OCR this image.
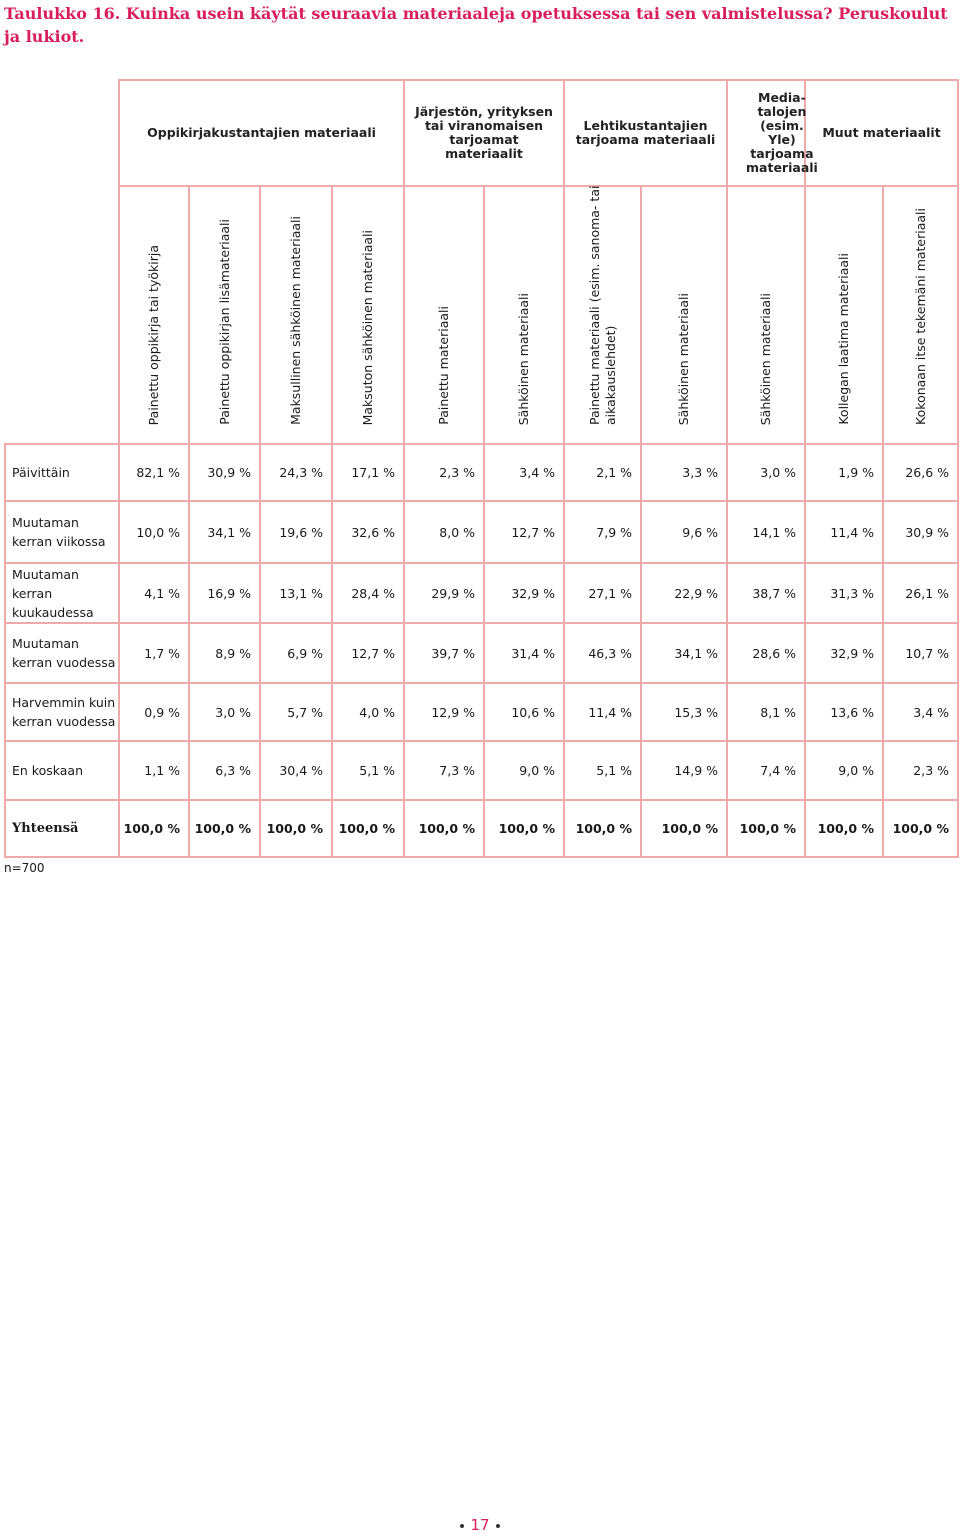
Taulukko 16. Kuinka usein käytät seuraavia materiaaleja opetuksessa tai sen valmistelussa? Peruskoulut ja lukiot.
	Oppikirjakustantajien materiaali				Järjestön, yrityksen tai viranomaisen tarjoamat materiaalit		Lehtikustantajien tarjoama materiaali		Media-talojen (esim. Yle) tarjoama materiaali	Muut materiaalit	

	Painettu oppikirja tai työkirja	Painettu oppikirjan lisämateriaali	Maksullinen sähköinen materiaali	Maksuton sähköinen materiaali	Painettu materiaali	Sähköinen materiaali	Painettu materiaali (esim. sanoma- tai aikakauslehdet)	Sähköinen materiaali	Sähköinen materiaali	Kollegan laatima materiaali	Kokonaan itse tekemäni materiaali

Päivittäin	82,1 %	30,9 %	24,3 %	17,1 %	2,3 %	3,4 %	2,1 %	3,3 %	3,0 %	1,9 %	26,6 %
Muutaman kerran viikossa	10,0 %	34,1 %	19,6 %	32,6 %	8,0 %	12,7 %	7,9 %	9,6 %	14,1 %	11,4 %	30,9 %
Muutaman kerran kuukaudessa	4,1 %	16,9 %	13,1 %	28,4 %	29,9 %	32,9 %	27,1 %	22,9 %	38,7 %	31,3 %	26,1 %
Muutaman kerran vuodessa	1,7 %	8,9 %	6,9 %	12,7 %	39,7 %	31,4 %	46,3 %	34,1 %	28,6 %	32,9 %	10,7 %
Harvemmin kuin kerran vuodessa	0,9 %	3,0 %	5,7 %	4,0 %	12,9 %	10,6 %	11,4 %	15,3 %	8,1 %	13,6 %	3,4 %
En koskaan	1,1 %	6,3 %	30,4 %	5,1 %	7,3 %	9,0 %	5,1 %	14,9 %	7,4 %	9,0 %	2,3 %
Yhteensä	100,0 %	100,0 %	100,0 %	100,0 %	100,0 %	100,0 %	100,0 %	100,0 %	100,0 %	100,0 %	100,0 %
n=700
17
